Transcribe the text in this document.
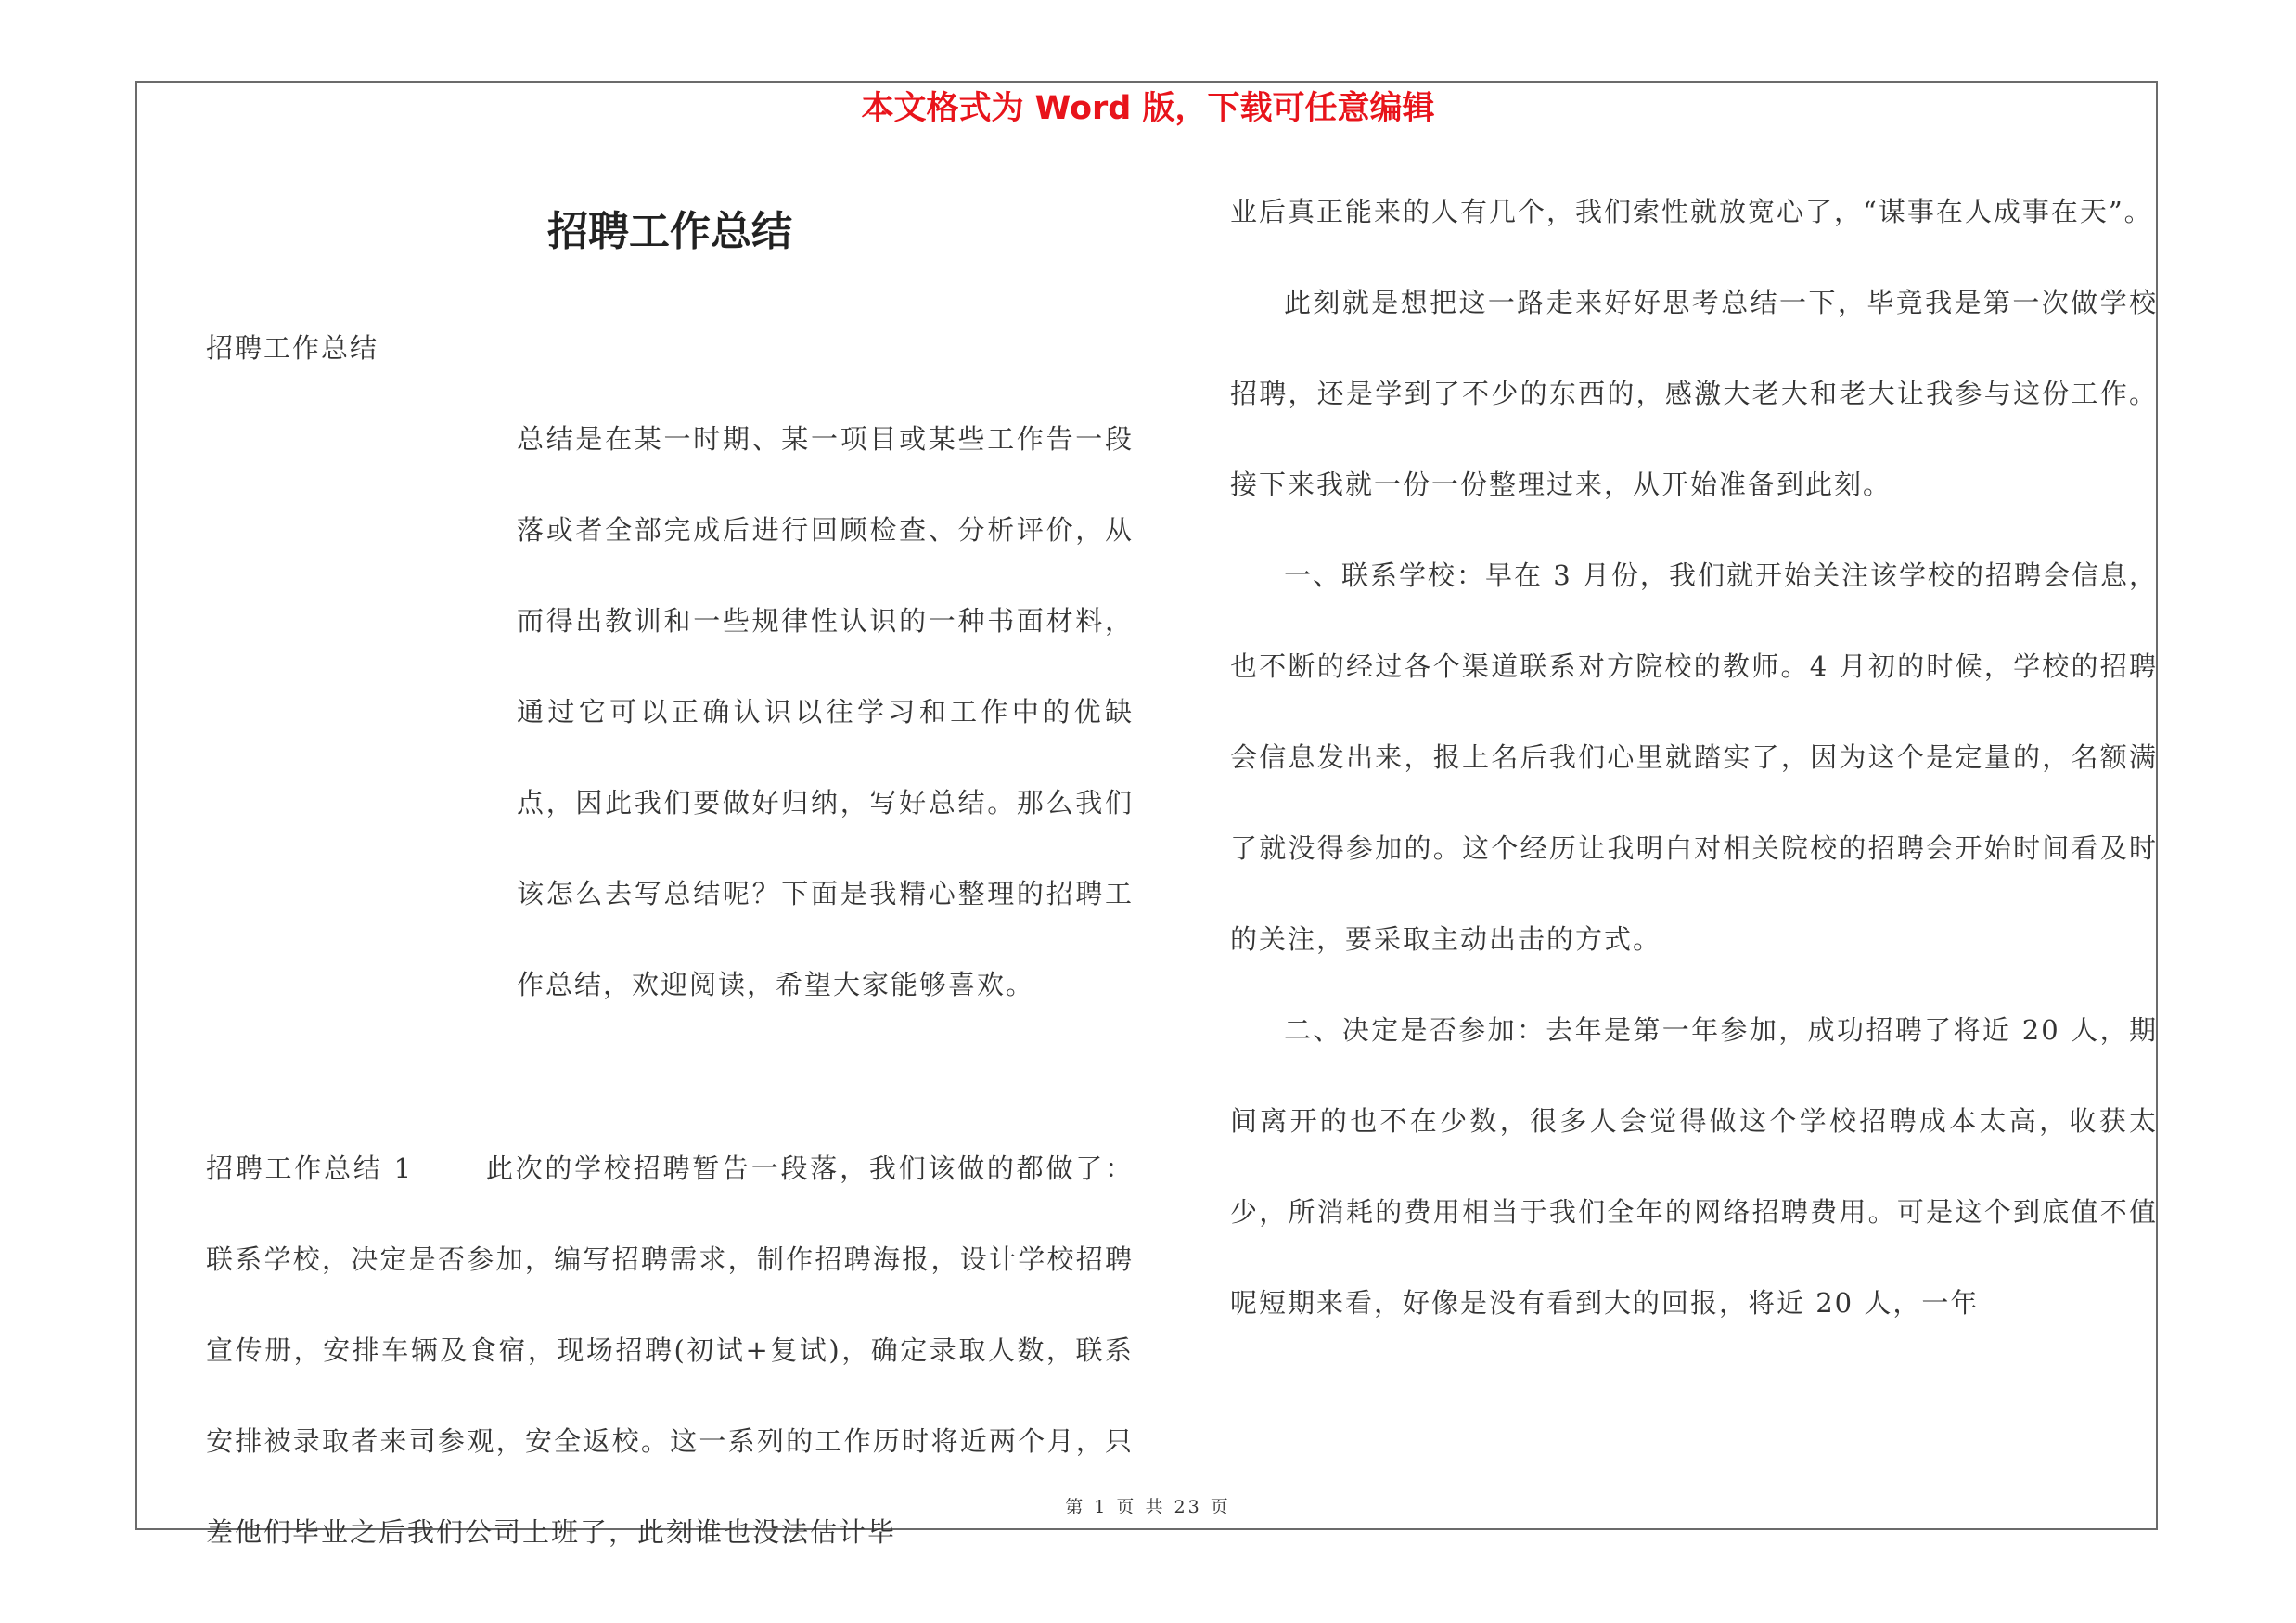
本文格式为 Word 版，下载可任意编辑
招聘工作总结

招聘工作总结

总结是在某一时期、某一项目或某些工作告一段落或者全部完成后进行回顾检查、分析评价，从而得出教训和一些规律性认识的一种书面材料，通过它可以正确认识以往学习和工作中的优缺点，因此我们要做好归纳，写好总结。那么我们该怎么去写总结呢？下面是我精心整理的招聘工作总结，欢迎阅读，希望大家能够喜欢。

招聘工作总结 1	此次的学校招聘暂告一段落，我们该做的都做了：联系学校，决定是否参加，编写招聘需求，制作招聘海报，设计学校招聘宣传册，安排车辆及食宿，现场招聘(初试+复试)，确定录取人数，联系安排被录取者来司参观，安全返校。这一系列的工作历时将近两个月，只差他们毕业之后我们公司上班了，此刻谁也没法估计毕

业后真正能来的人有几个，我们索性就放宽心了，“谋事在人成事在天”。

此刻就是想把这一路走来好好思考总结一下，毕竟我是第一次做学校招聘，还是学到了不少的东西的，感激大老大和老大让我参与这份工作。接下来我就一份一份整理过来，从开始准备到此刻。

一、联系学校：早在 3 月份，我们就开始关注该学校的招聘会信息，也不断的经过各个渠道联系对方院校的教师。4 月初的时候，学校的招聘会信息发出来，报上名后我们心里就踏实了，因为这个是定量的，名额满了就没得参加的。这个经历让我明白对相关院校的招聘会开始时间看及时的关注，要采取主动出击的方式。

二、决定是否参加：去年是第一年参加，成功招聘了将近 20 人，期间离开的也不在少数，很多人会觉得做这个学校招聘成本太高，收获太少，所消耗的费用相当于我们全年的网络招聘费用。可是这个到底值不值呢短期来看，好像是没有看到大的回报，将近 20 人，一年

第 1 页 共 23 页
